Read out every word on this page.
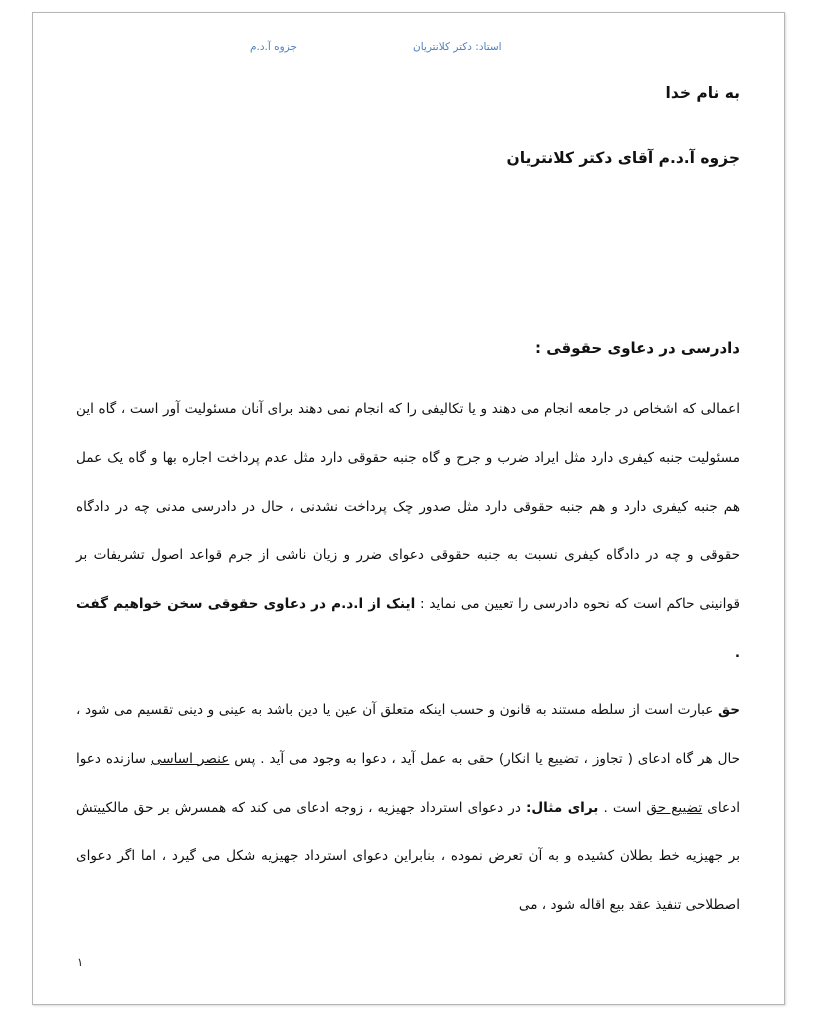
جزوه آ.د.م	استاد: دکتر کلانتریان
به نام خدا
جزوه آ.د.م آقای دکتر کلانتریان
دادرسی در دعاوی حقوقی :

اعمالی که اشخاص در جامعه انجام می دهند و یا تکالیفی را که انجام نمی دهند برای آنان مسئولیت آور است ، گاه این مسئولیت جنبه کیفری دارد مثل ایراد ضرب و جرح و گاه جنبه حقوقی دارد مثل عدم پرداخت اجاره بها و گاه یک عمل هم جنبه کیفری دارد و هم جنبه حقوقی دارد مثل صدور چک پرداخت نشدنی ، حال در دادرسی مدنی چه در دادگاه حقوقی و چه در دادگاه کیفری نسبت به جنبه حقوقی دعوای ضرر و زیان ناشی از جرم قواعد اصول تشریفات بر قوانینی حاکم است که نحوه دادرسی را تعیین می نماید : اینک از ا.د.م در دعاوی حقوقی سخن خواهیم گفت .

حق عبارت است از سلطه مستند به قانون و حسب اینکه متعلق آن عین یا دین باشد به عینی و دینی تقسیم می شود ، حال هر گاه ادعای ( تجاوز ، تضییع یا انکار) حقی به عمل آید ، دعوا به وجود می آید . پس عنصر اساسی سازنده دعوا ادعای تضییع حق است . برای مثال: در دعوای استرداد جهیزیه ، زوجه ادعای می کند که همسرش بر حق مالکییتش بر جهیزیه خط بطلان کشیده و به آن تعرض نموده ، بنابراین دعوای استرداد جهیزیه شکل می گیرد ، اما اگر دعوای اصطلاحی تنفیذ عقد بیع اقاله شود ، می

۱
